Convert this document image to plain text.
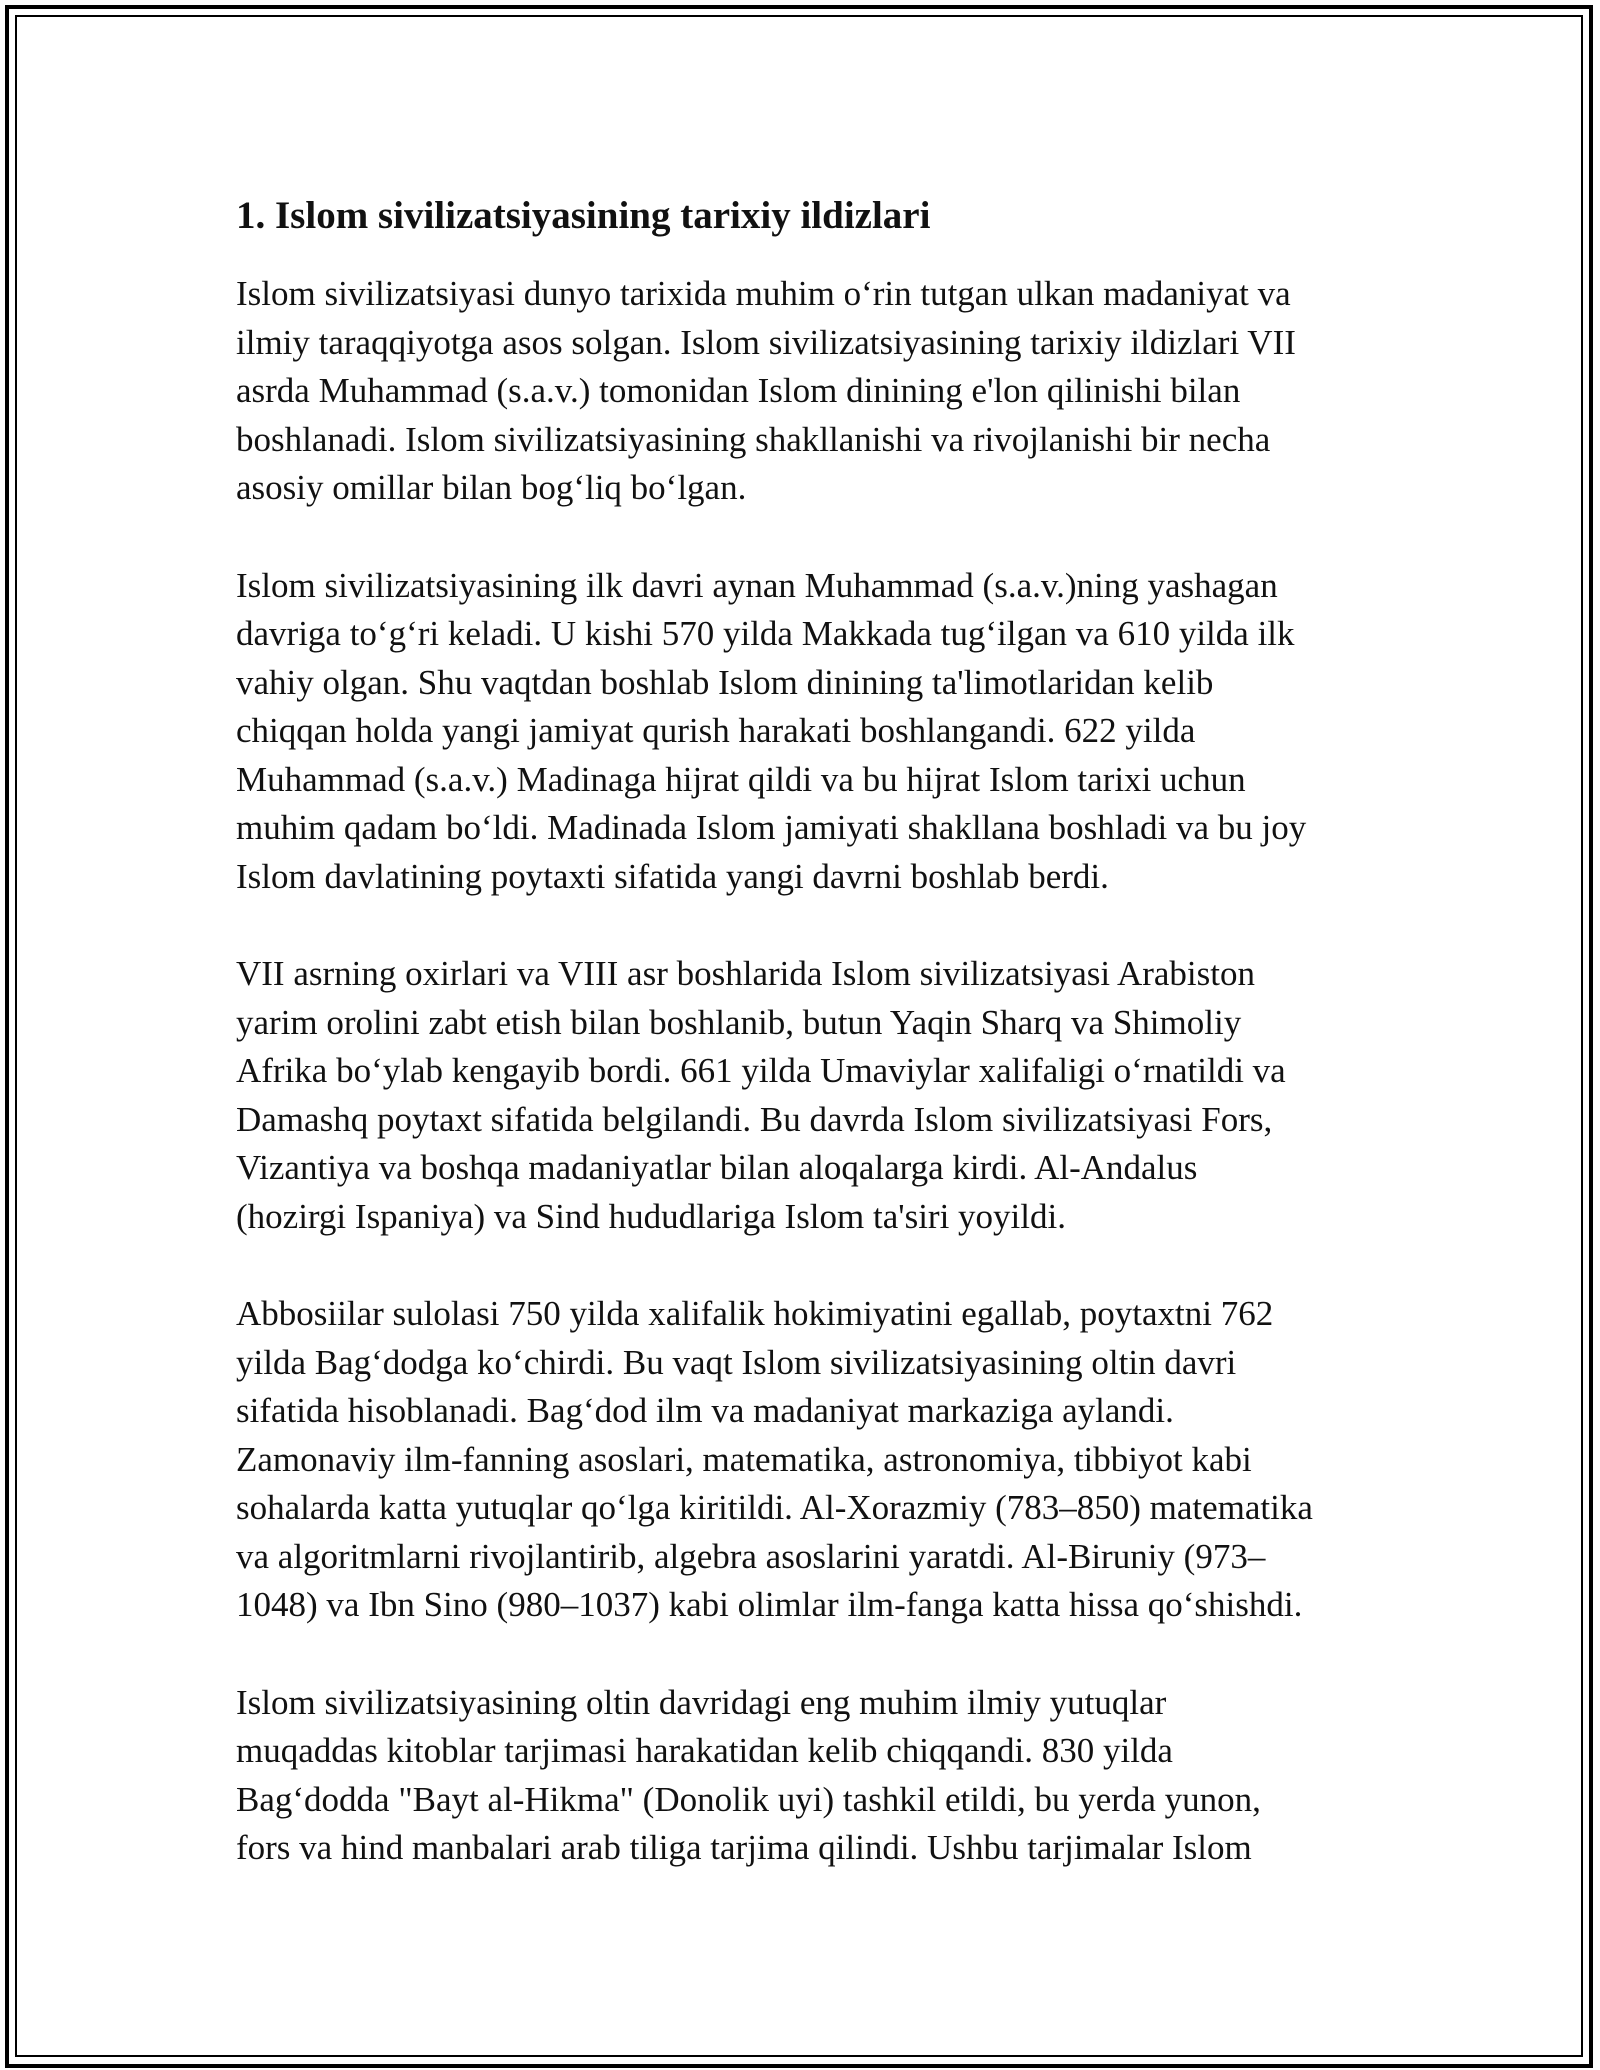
1. Islom sivilizatsiyasining tarixiy ildizlari

Islom sivilizatsiyasi dunyo tarixida muhim o‘rin tutgan ulkan madaniyat va
ilmiy taraqqiyotga asos solgan. Islom sivilizatsiyasining tarixiy ildizlari VII
asrda Muhammad (s.a.v.) tomonidan Islom dinining e'lon qilinishi bilan
boshlanadi. Islom sivilizatsiyasining shakllanishi va rivojlanishi bir necha
asosiy omillar bilan bog‘liq bo‘lgan.

Islom sivilizatsiyasining ilk davri aynan Muhammad (s.a.v.)ning yashagan
davriga to‘g‘ri keladi. U kishi 570 yilda Makkada tug‘ilgan va 610 yilda ilk
vahiy olgan. Shu vaqtdan boshlab Islom dinining ta'limotlaridan kelib
chiqqan holda yangi jamiyat qurish harakati boshlangandi. 622 yilda
Muhammad (s.a.v.) Madinaga hijrat qildi va bu hijrat Islom tarixi uchun
muhim qadam bo‘ldi. Madinada Islom jamiyati shakllana boshladi va bu joy
Islom davlatining poytaxti sifatida yangi davrni boshlab berdi.

VII asrning oxirlari va VIII asr boshlarida Islom sivilizatsiyasi Arabiston
yarim orolini zabt etish bilan boshlanib, butun Yaqin Sharq va Shimoliy
Afrika bo‘ylab kengayib bordi. 661 yilda Umaviylar xalifaligi o‘rnatildi va
Damashq poytaxt sifatida belgilandi. Bu davrda Islom sivilizatsiyasi Fors,
Vizantiya va boshqa madaniyatlar bilan aloqalarga kirdi. Al-Andalus
(hozirgi Ispaniya) va Sind hududlariga Islom ta'siri yoyildi.

Abbosiilar sulolasi 750 yilda xalifalik hokimiyatini egallab, poytaxtni 762
yilda Bag‘dodga ko‘chirdi. Bu vaqt Islom sivilizatsiyasining oltin davri
sifatida hisoblanadi. Bag‘dod ilm va madaniyat markaziga aylandi.
Zamonaviy ilm-fanning asoslari, matematika, astronomiya, tibbiyot kabi
sohalarda katta yutuqlar qo‘lga kiritildi. Al-Xorazmiy (783–850) matematika
va algoritmlarni rivojlantirib, algebra asoslarini yaratdi. Al-Biruniy (973–
1048) va Ibn Sino (980–1037) kabi olimlar ilm-fanga katta hissa qo‘shishdi.

Islom sivilizatsiyasining oltin davridagi eng muhim ilmiy yutuqlar
muqaddas kitoblar tarjimasi harakatidan kelib chiqqandi. 830 yilda
Bag‘dodda "Bayt al-Hikma" (Donolik uyi) tashkil etildi, bu yerda yunon,
fors va hind manbalari arab tiliga tarjima qilindi. Ushbu tarjimalar Islom
